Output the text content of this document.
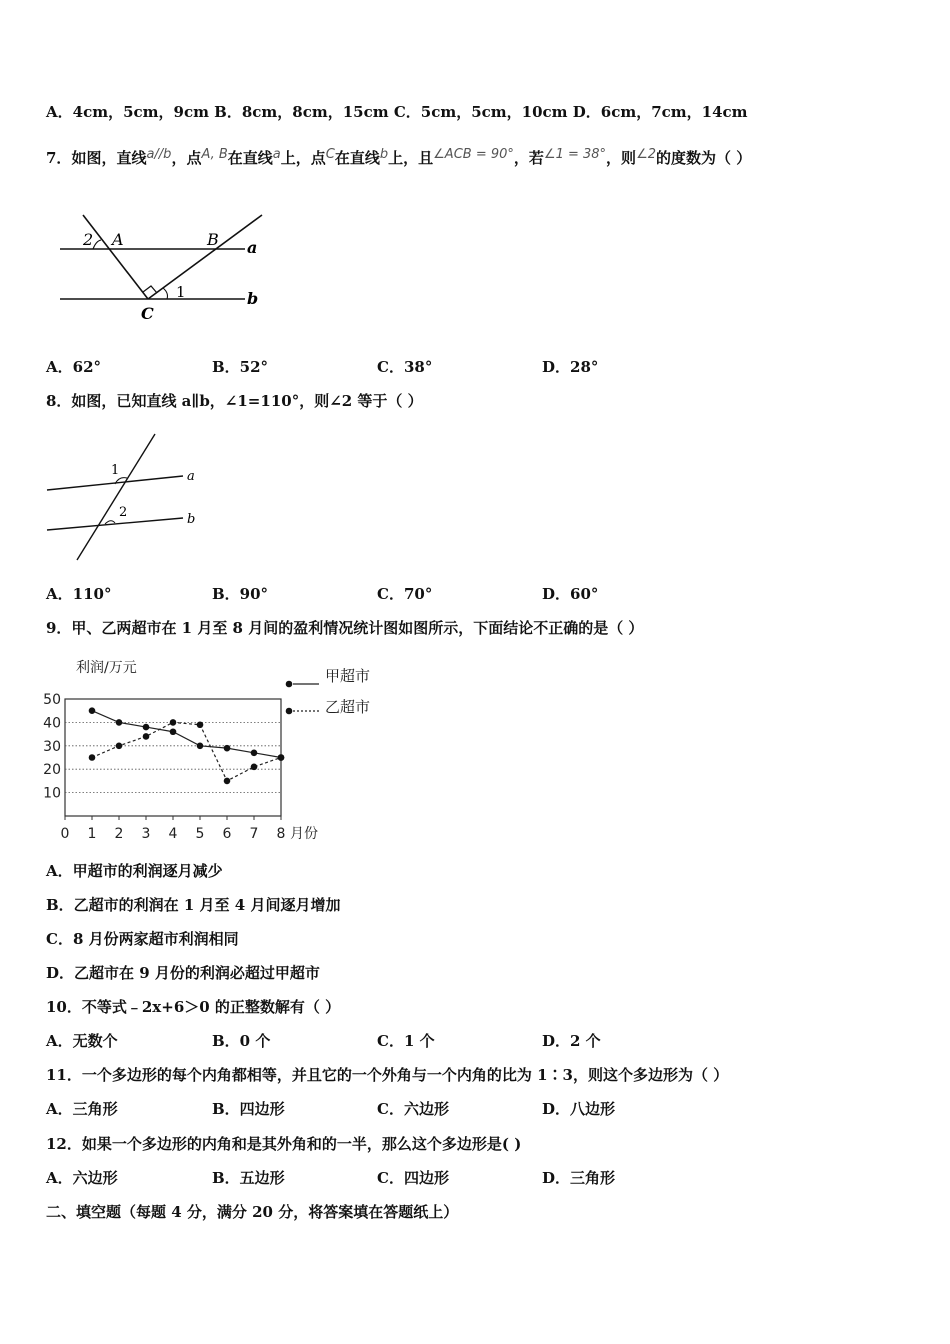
A．4cm，5cm，9cm B．8cm，8cm，15cm C．5cm，5cm，10cm D．6cm，7cm，14cm
7．如图，直线a//b，点A, B在直线a上，点C在直线b上，且∠ACB = 90°，若∠1 = 38°，则∠2的度数为（ ）
2 A	B a
1	b
C
A．62°	B．52°	C．38°	D．28°
8．如图，已知直线 a∥b，∠1=110°，则∠2 等于（ ）
1
2
a
b
A．110°	B．90°	C．70°	D．60°
9．甲、乙两超市在 1 月至 8 月间的盈利情况统计图如图所示，下面结论不正确的是（ ）
10
20
30
40
50
0 1 2 3 4 5 6 7 8
利润/万元
月份
甲超市
乙超市
A．甲超市的利润逐月减少
B．乙超市的利润在 1 月至 4 月间逐月增加
C．8 月份两家超市利润相同
D．乙超市在 9 月份的利润必超过甲超市
10．不等式﹣2x+6＞0 的正整数解有（ ）
A．无数个	B．0 个	C．1 个	D．2 个
11．一个多边形的每个内角都相等，并且它的一个外角与一个内角的比为 1∶3，则这个多边形为（ ）
A．三角形	B．四边形	C．六边形	D．八边形
12．如果一个多边形的内角和是其外角和的一半，那么这个多边形是( )
A．六边形	B．五边形	C．四边形	D．三角形
二、填空题（每题 4 分，满分 20 分，将答案填在答题纸上）
